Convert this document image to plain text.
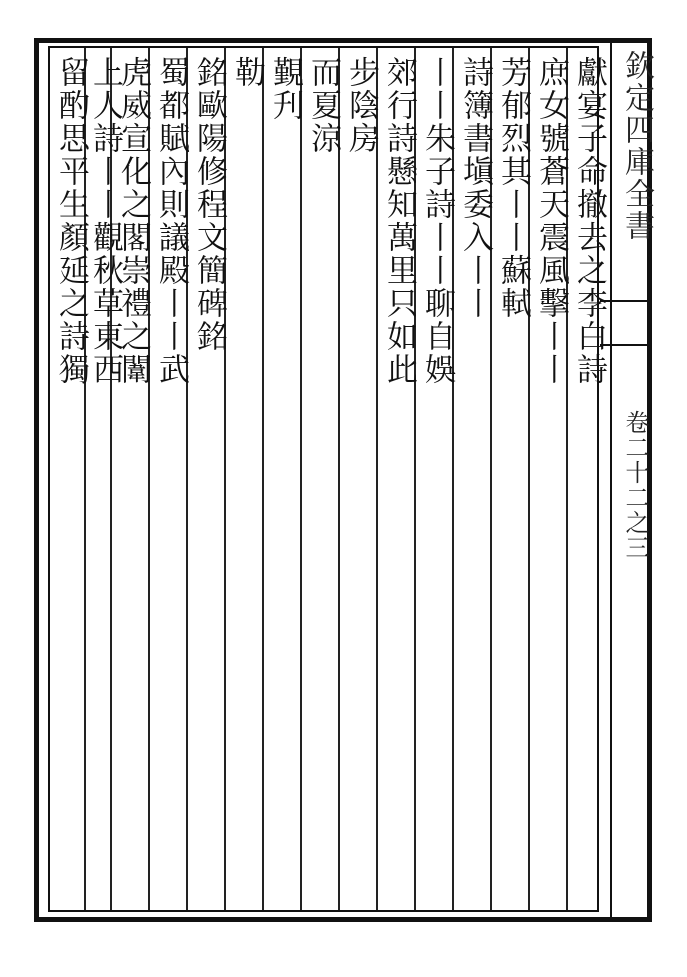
欽定四庫全書
卷二十二之三
獻宴子命撤去之李白詩
庶女號蒼天震風擊丨丨
芳郁烈其丨丨蘇軾
詩簿書塡委入丨丨
丨丨朱子詩丨丨聊自娛
郊行詩懸知萬里只如此
步陰房
而夏涼
覲刋
勒
銘歐陽修程文簡碑銘
蜀都賦內則議殿丨丨武
虎威宣化之閣崇禮之闈
上人詩丨丨觀秋草東西
留酌思平生顏延之詩獨
